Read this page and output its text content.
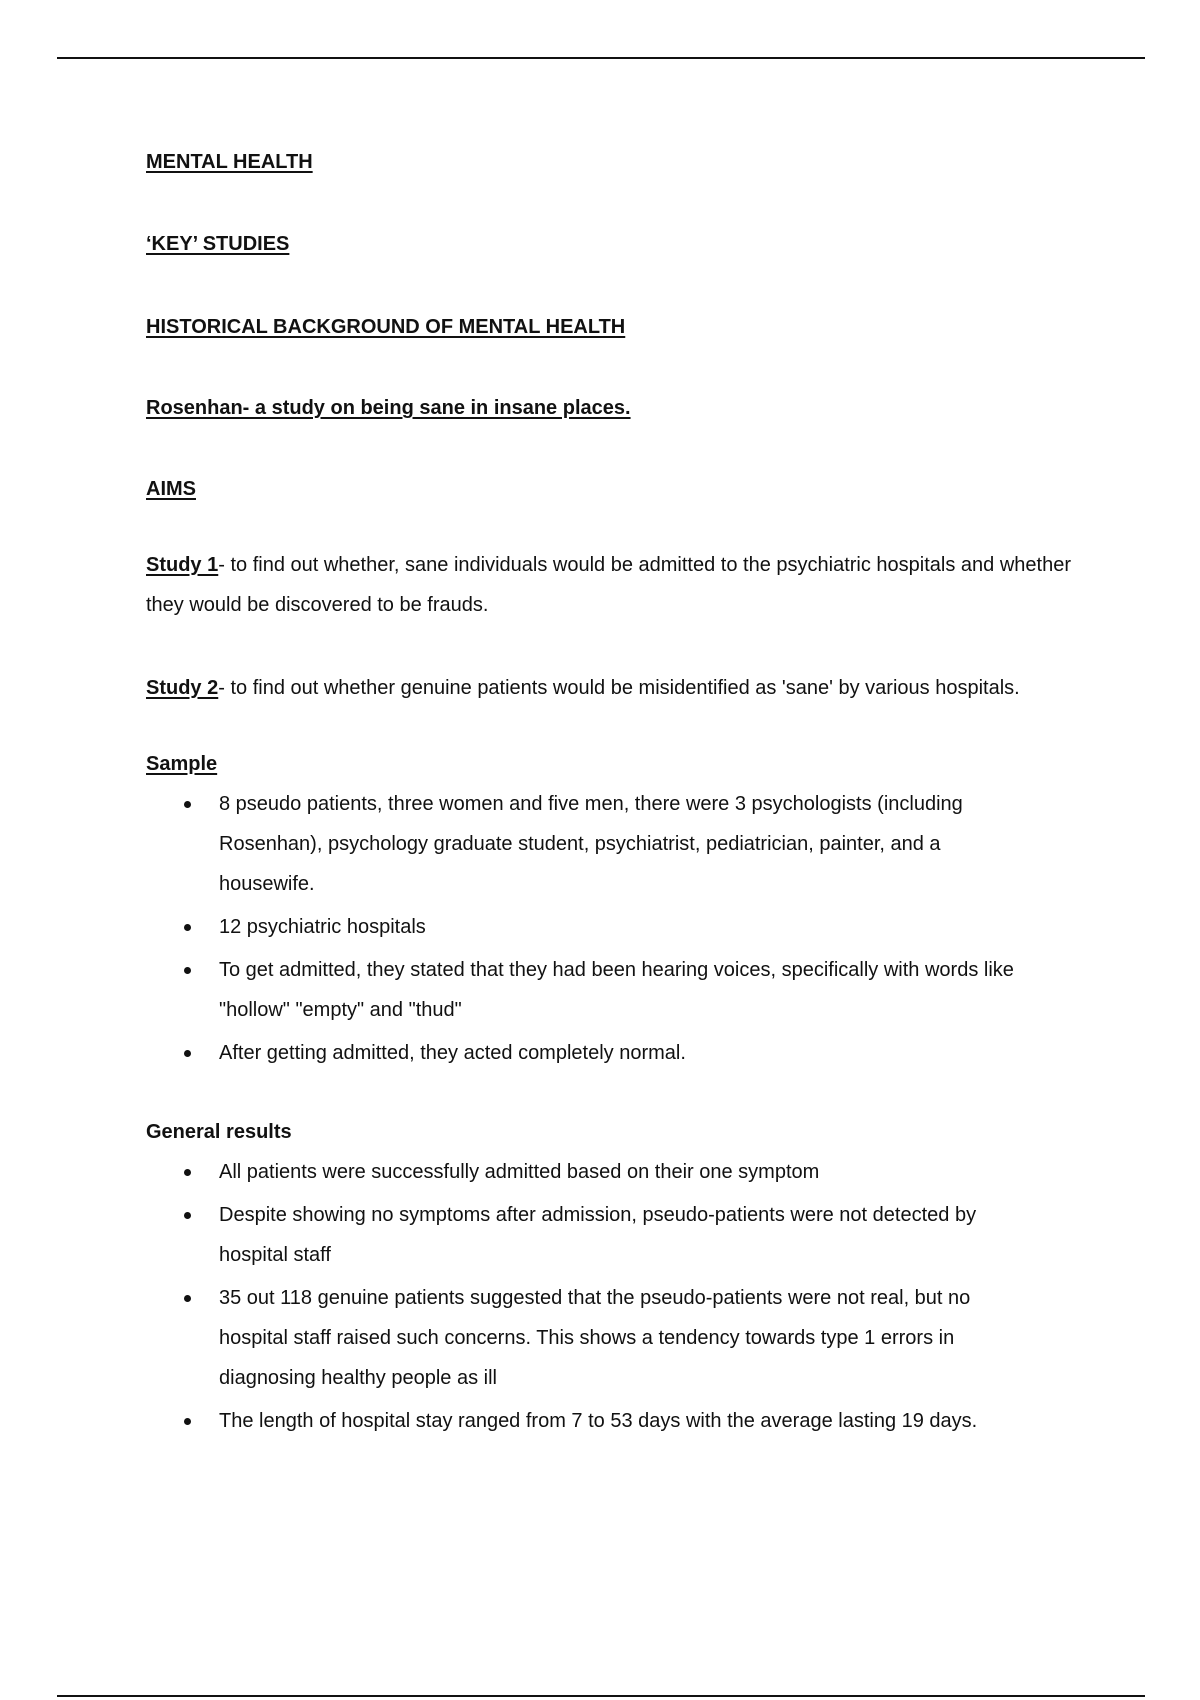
MENTAL HEALTH

‘KEY’ STUDIES

HISTORICAL BACKGROUND OF MENTAL HEALTH

Rosenhan- a study on being sane in insane places.

AIMS

Study 1- to find out whether, sane individuals would be admitted to the psychiatric hospitals and whether they would be discovered to be frauds.

Study 2- to find out whether genuine patients would be misidentified as 'sane' by various hospitals.

Sample

8 pseudo patients, three women and five men, there were 3 psychologists (including Rosenhan), psychology graduate student, psychiatrist, pediatrician, painter, and a housewife.
12 psychiatric hospitals
To get admitted, they stated that they had been hearing voices, specifically with words like "hollow" "empty" and "thud"
After getting admitted, they acted completely normal.

General results

All patients were successfully admitted based on their one symptom
Despite showing no symptoms after admission, pseudo-patients were not detected by hospital staff
35 out 118 genuine patients suggested that the pseudo-patients were not real, but no hospital staff raised such concerns. This shows a tendency towards type 1 errors in diagnosing healthy people as ill
The length of hospital stay ranged from 7 to 53 days with the average lasting 19 days.
